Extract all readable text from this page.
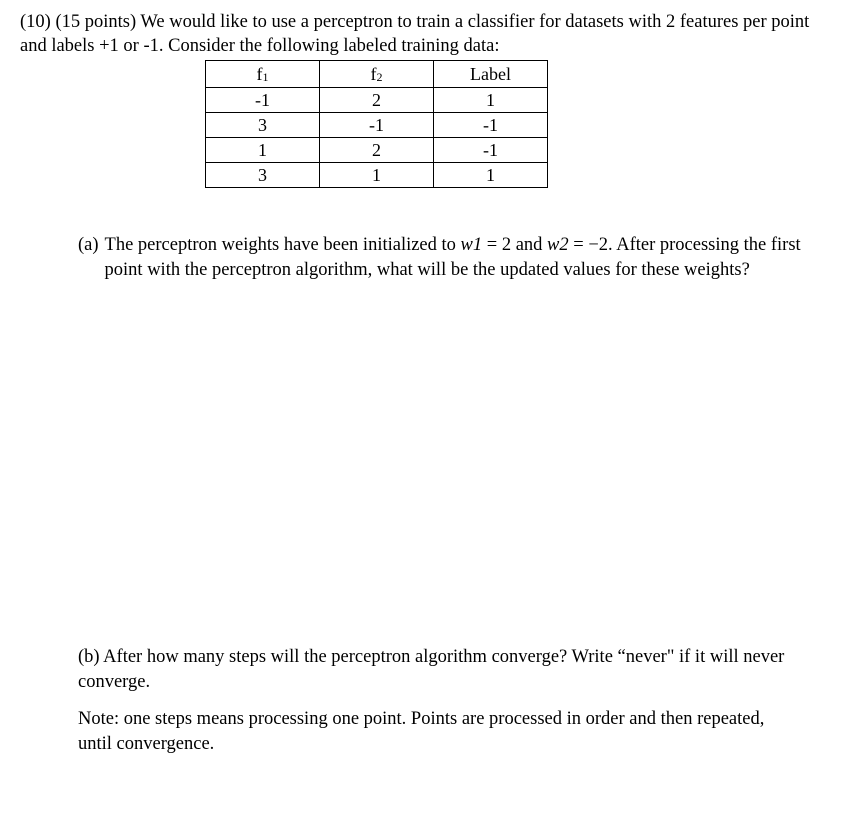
(10) (15 points) We would like to use a perceptron to train a classifier for datasets with 2 features per point and labels +1 or -1. Consider the following labeled training data:

f1	f2	Label
-1	2	1
3	-1	-1
1	2	-1
3	1	1
(a) The perceptron weights have been initialized to w1 = 2 and w2 = −2. After processing the first point with the perceptron algorithm, what will be the updated values for these weights?

(b) After how many steps will the perceptron algorithm converge? Write “never" if it will never converge.

Note: one steps means processing one point. Points are processed in order and then repeated, until convergence.
